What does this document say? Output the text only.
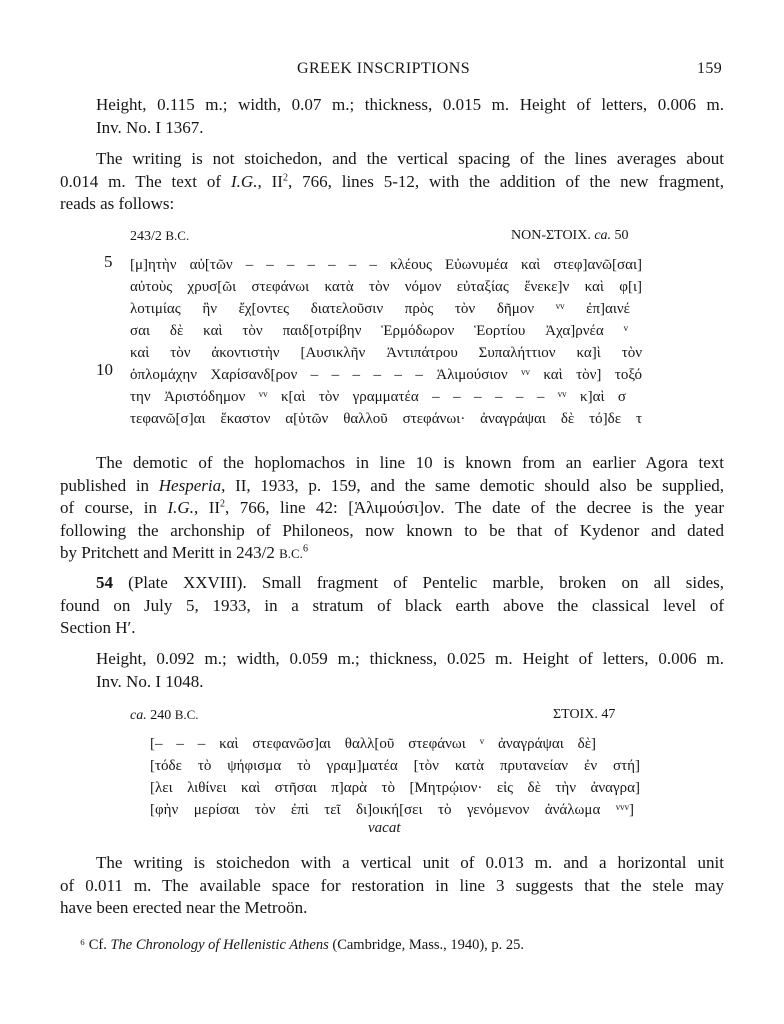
GREEK INSCRIPTIONS	159
Height, 0.115 m.; width, 0.07 m.; thickness, 0.015 m. Height of letters, 0.006 m.
Inv. No. I 1367.
The writing is not stoichedon, and the vertical spacing of the lines averages about
0.014 m. The text of I.G., $II^2$, 766, lines 5-12, with the addition of the new fragment,
reads as follows:
243/2 B.C.	NON-ΣTOIX. ca. 50
5
10
[μ]ητὴν αὐ[τῶν – – – – – – – κλέους Εὐωνυμέα καὶ στεφ]ανῶ[σαι]
αὐτοὺς χρυσ[ῶι στεφάνωι κατὰ τὸν νόμον εὐταξίας ἕνεκε]ν καὶ φ[ι]
λοτιμίας ἣν ἔχ[οντες διατελοῦσιν πρὸς τὸν δῆμον ᵛᵛ ἐπ]αινέ
σαι δὲ καὶ τὸν παιδ[οτρίβην Ἑρμόδωρον Ἑορτίου Ἀχα]ρνέα ᵛ
καὶ τὸν ἀκοντιστὴν [Αυσικλῆν Ἀντιπάτρου Συπαλήττιον κα]ὶ τὸν
ὁπλομάχην Χαρίσανδ[ρον – – – – – – Ἁλιμούσιον ᵛᵛ καὶ τὸν] τοξό
την Ἀριστόδημον ᵛᵛ κ[αὶ τὸν γραμματέα – – – – – – ᵛᵛ κ]αὶ σ
τεφανῶ[σ]αι ἕκαστον α[ὐτῶν θαλλοῦ στεφάνωι· ἀναγράψαι δὲ τό]δε τ
The demotic of the hoplomachos in line 10 is known from an earlier Agora text
published in Hesperia, II, 1933, p. 159, and the same demotic should also be supplied,
of course, in I.G., $II^2$, 766, line 42: [Ἁλιμούσι]ον. The date of the decree is the year
following the archonship of Philoneos, now known to be that of Kydenor and dated
by Pritchett and Meritt in 243/2 B.C.$^6$
54 (Plate XXVIII). Small fragment of Pentelic marble, broken on all sides,
found on July 5, 1933, in a stratum of black earth above the classical level of
Section H′.
Height, 0.092 m.; width, 0.059 m.; thickness, 0.025 m. Height of letters, 0.006 m.
Inv. No. I 1048.
ca. 240 B.C.	ΣTOIX. 47
[– – – καὶ στεφανῶσ]αι θαλλ[οῦ στεφάνωι ᵛ ἀναγράψαι δὲ]
[τόδε τὸ ψήφισμα τὸ γραμ]ματέα [τὸν κατὰ πρυτανείαν ἐν στή]
[λει λιθίνει καὶ στῆσαι π]αρὰ τὸ [Μητρῴιον· εἰς δὲ τὴν ἀναγρα]
[φὴν μερίσαι τὸν ἐπὶ τεῖ δι]οική[σει τὸ γενόμενον ἀνάλωμα ᵛᵛᵛ]
vacat
The writing is stoichedon with a vertical unit of 0.013 m. and a horizontal unit
of 0.011 m. The available space for restoration in line 3 suggests that the stele may
have been erected near the Metroön.
⁶ Cf. The Chronology of Hellenistic Athens (Cambridge, Mass., 1940), p. 25.
